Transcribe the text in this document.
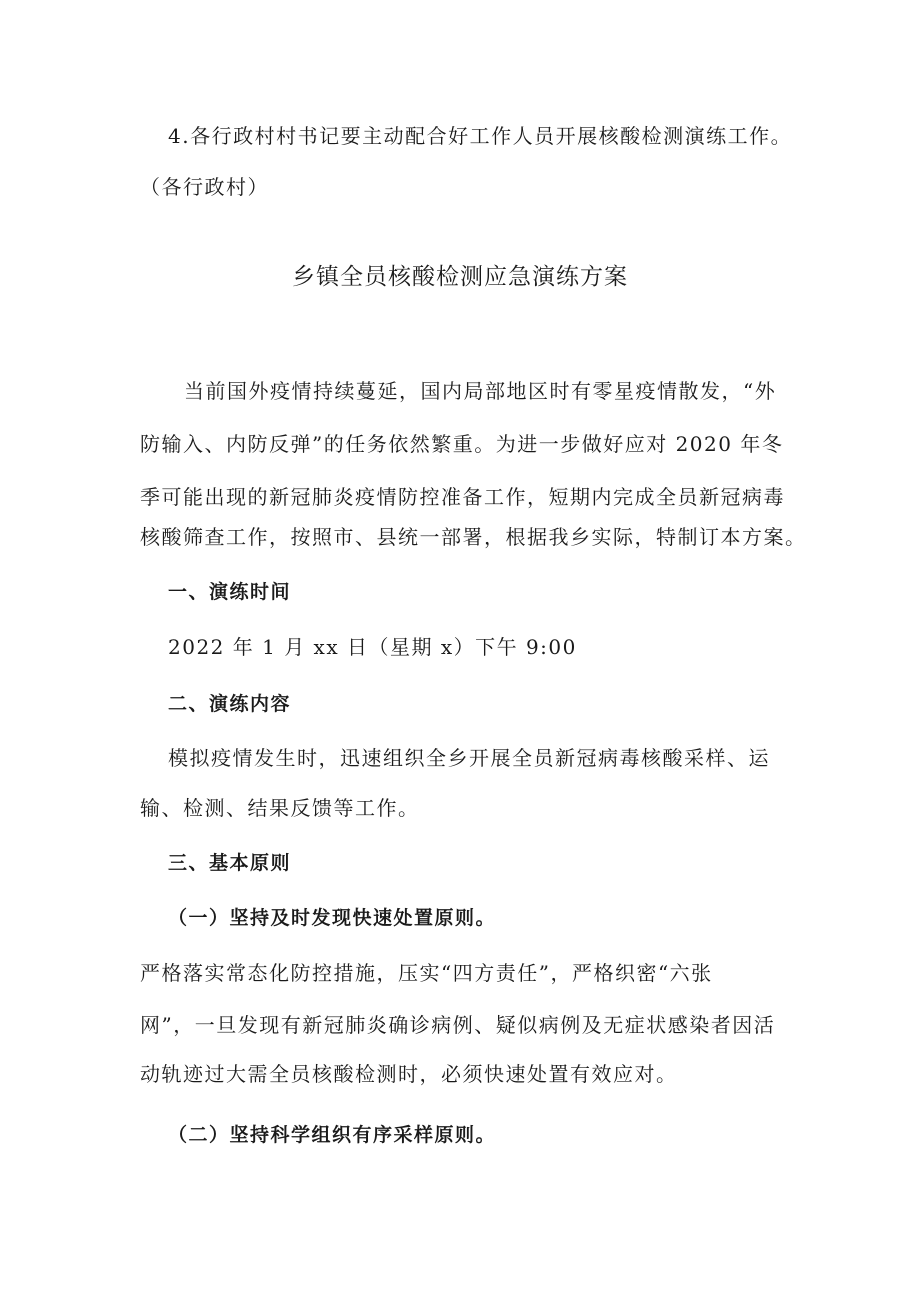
4.各行政村村书记要主动配合好工作人员开展核酸检测演练工作。
（各行政村）
乡镇全员核酸检测应急演练方案
当前国外疫情持续蔓延，国内局部地区时有零星疫情散发，“外
防输入、内防反弹”的任务依然繁重。为进一步做好应对 2020 年冬
季可能出现的新冠肺炎疫情防控准备工作，短期内完成全员新冠病毒
核酸筛查工作，按照市、县统一部署，根据我乡实际，特制订本方案。
一、演练时间
2022 年 1 月 xx 日（星期 x）下午 9:00
二、演练内容
模拟疫情发生时，迅速组织全乡开展全员新冠病毒核酸采样、运
输、检测、结果反馈等工作。
三、基本原则
（一）坚持及时发现快速处置原则。
严格落实常态化防控措施，压实“四方责任”，严格织密“六张
网”，一旦发现有新冠肺炎确诊病例、疑似病例及无症状感染者因活
动轨迹过大需全员核酸检测时，必须快速处置有效应对。
（二）坚持科学组织有序采样原则。
